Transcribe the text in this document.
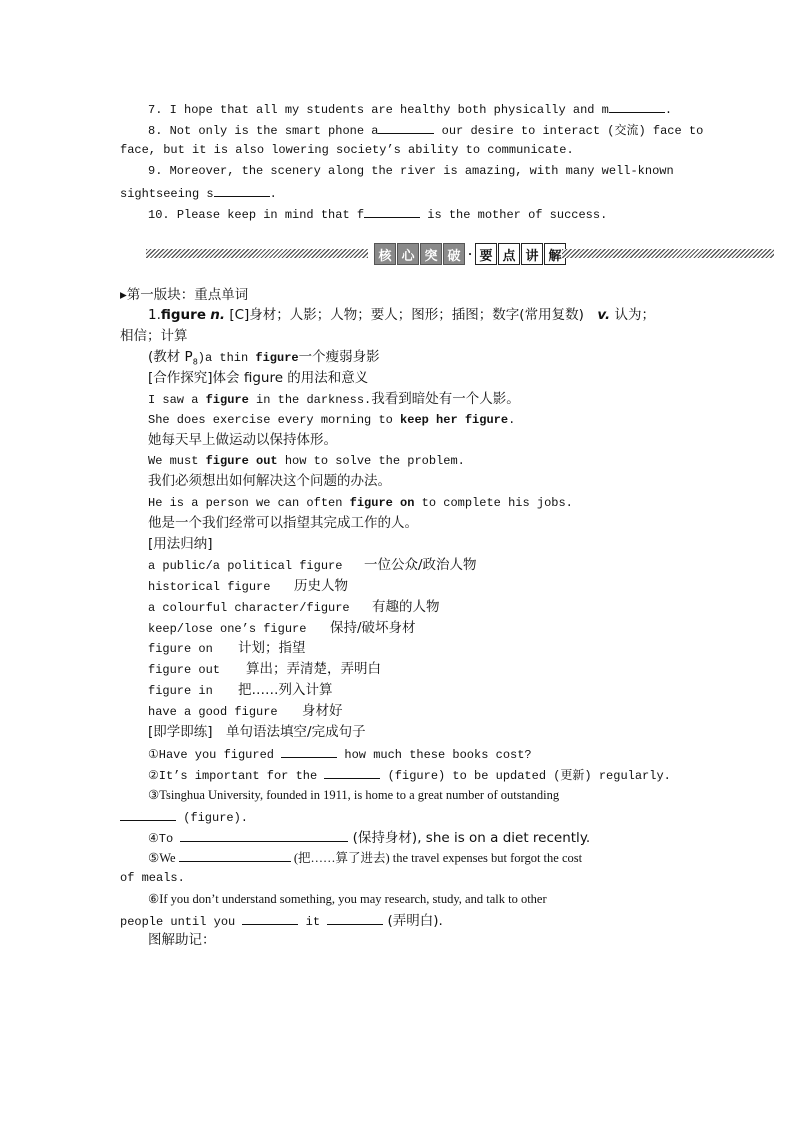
7. I hope that all my students are healthy both physically and m	.
8. Not only is the smart phone a	our desire to interact (交流) face to
face, but it is also lowering society’s ability to communicate.
9. Moreover, the scenery along the river is amazing, with many well-known
sightseeing s	.
10. Please keep in mind that f	is the mother of success.
核 心 突 破 · 要 点 讲 解
▸第一版块：重点单词
1.figure n. [C]身材；人影；人物；要人；图形；插图；数字(常用复数)　 v. 认为；
相信；计算
(教材 $P_8)a$ thin figure一个瘦弱身影
[合作探究]体会 figure 的用法和意义
I saw a figure in the darkness.我看到暗处有一个人影。
She does exercise every morning to keep her figure.
她每天早上做运动以保持体形。
We must figure out how to solve the problem.
我们必须想出如何解决这个问题的办法。
He is a person we can often figure on to complete his jobs.
他是一个我们经常可以指望其完成工作的人。
[用法归纳]
a public/a political figure 一位公众/政治人物
historical figure 历史人物
a colourful character/figure 有趣的人物
keep/lose one’s figure 保持/破坏身材
figure on 计划；指望
figure out 算出；弄清楚，弄明白
figure in 把……列入计算
have a good figure 身材好
[即学即练]　单句语法填空/完成句子
①Have you figured	how much these books cost?
②It’s important for the	(figure) to be updated (更新) regularly.
③Tsinghua University, founded in 1911, is home to a great number of outstanding
(figure).
④To	(保持身材), she is on a diet recently.
⑤We	(把……算了进去) the travel expenses but forgot the cost
of meals.
⑥If you don’t understand something, you may research, study, and talk to other
people until you	it	(弄明白).
图解助记：
